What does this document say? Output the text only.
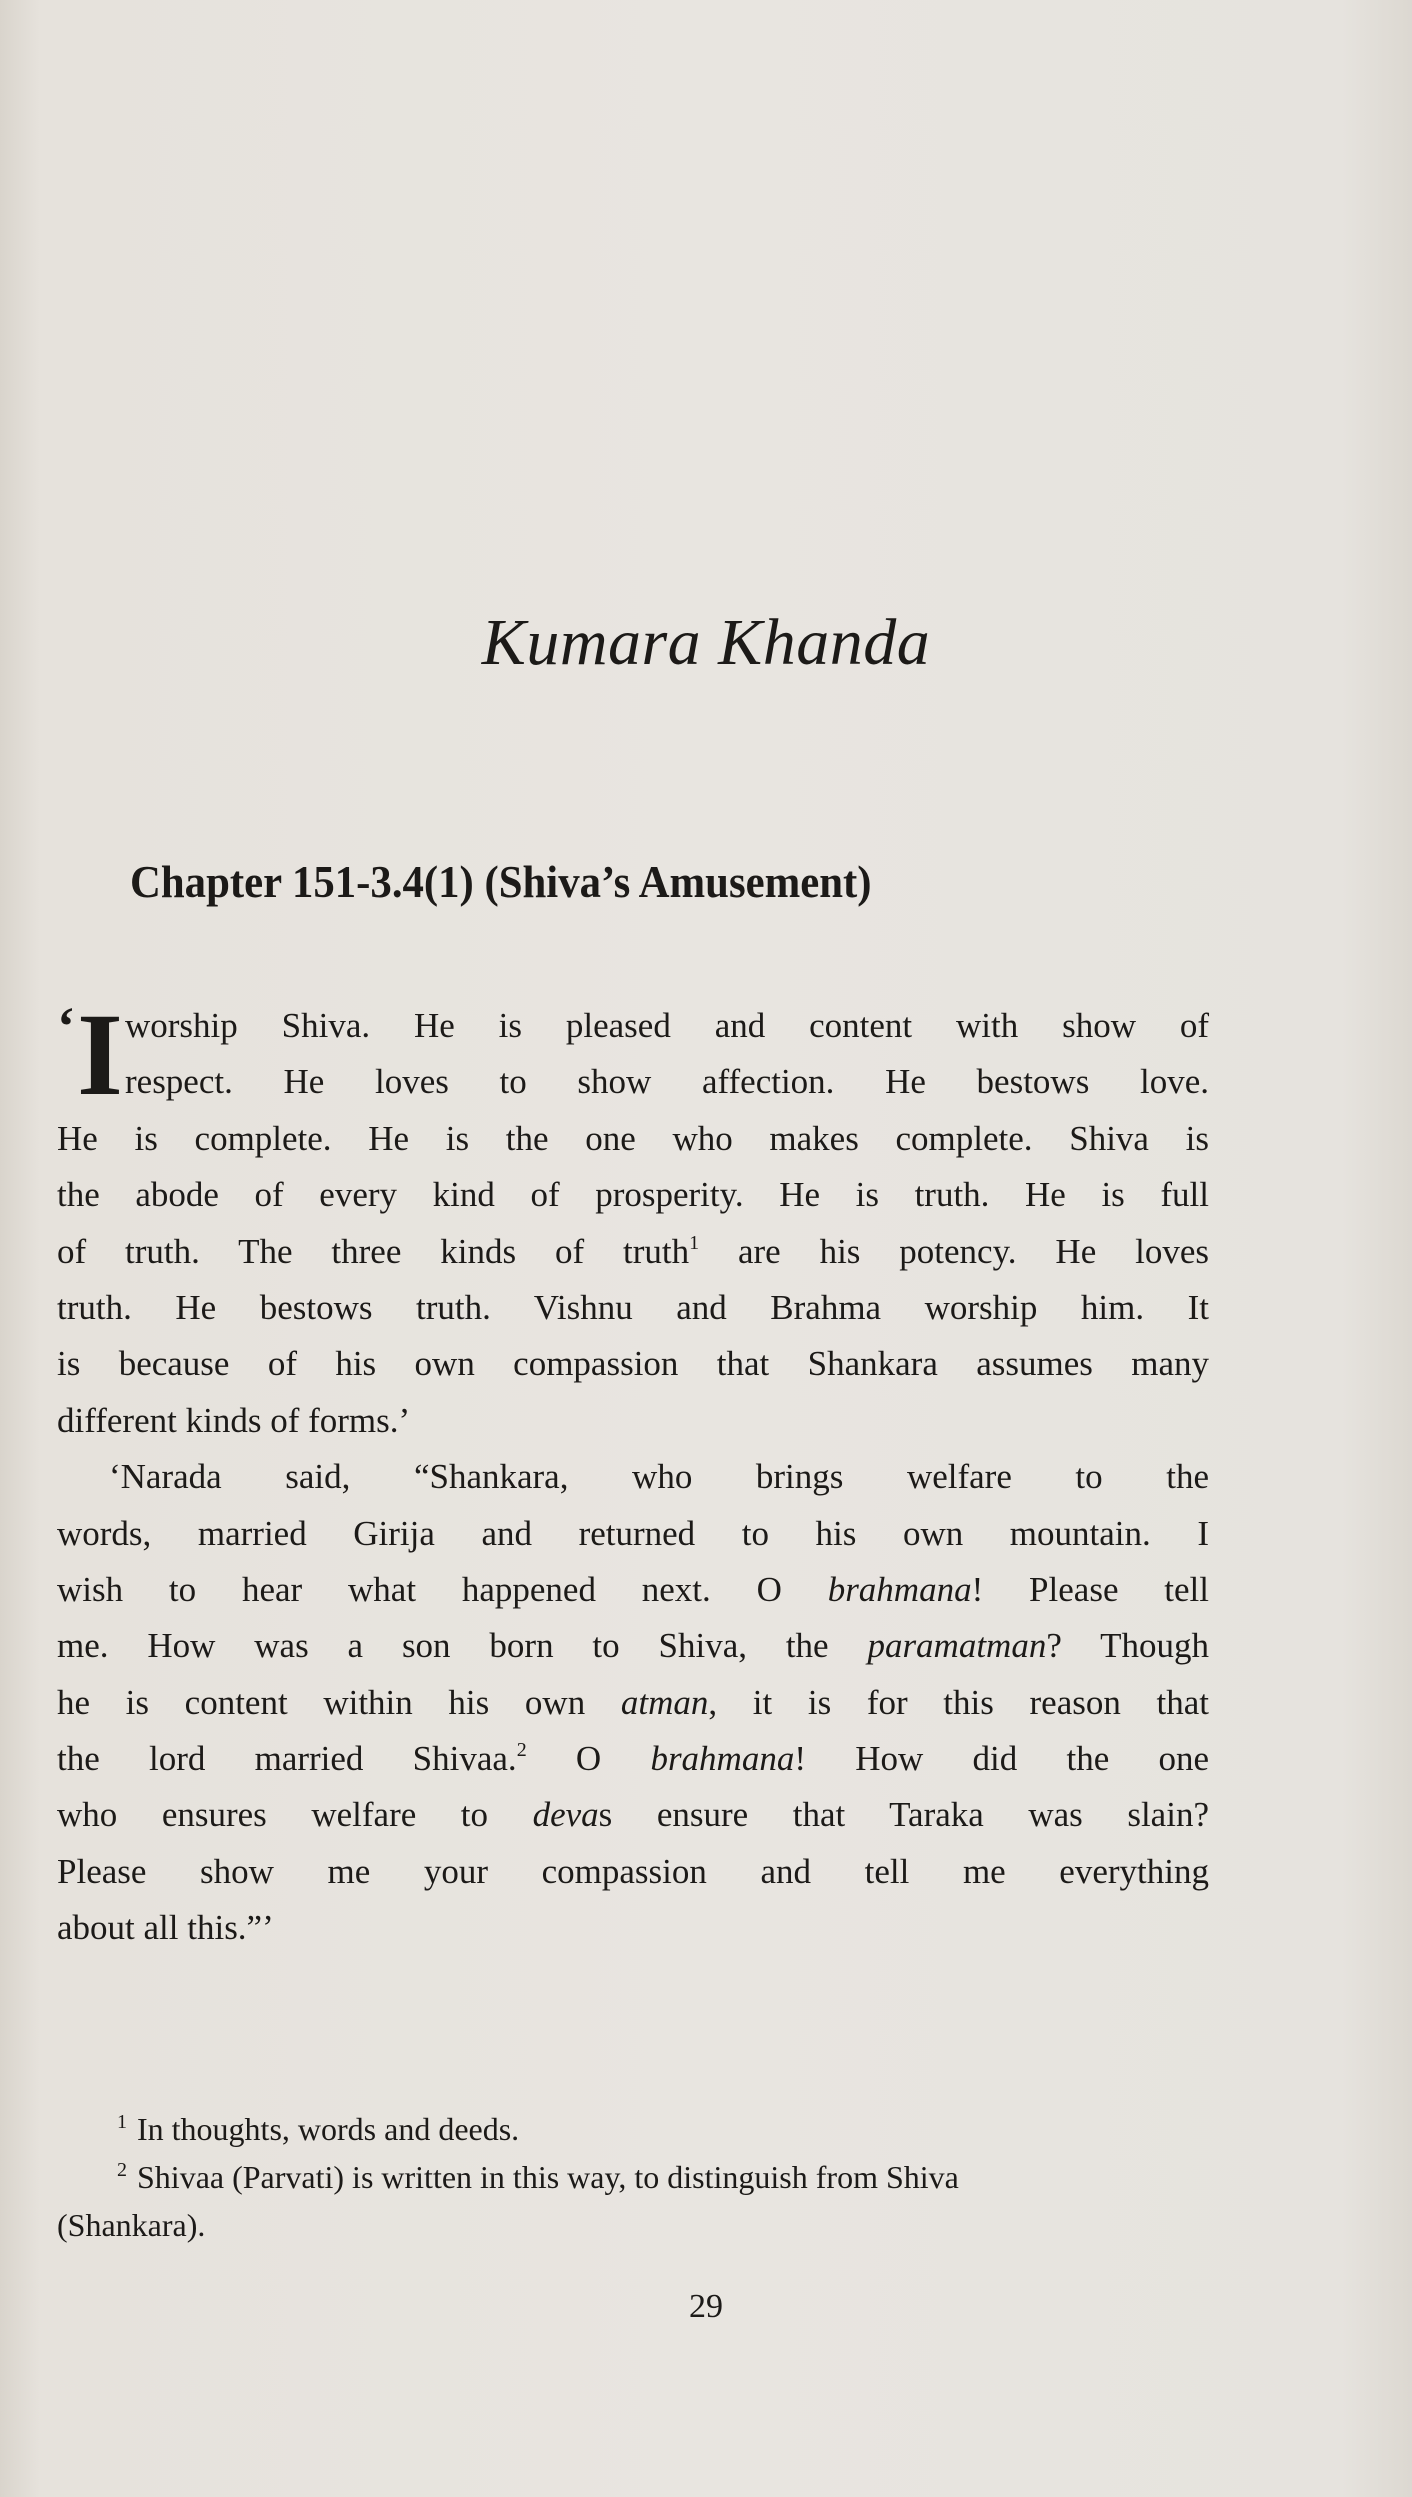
Kumara Khanda
Chapter 151-3.4(1) (Shiva’s Amusement)
‘ I worship Shiva. He is pleased and content with show of
respect. He loves to show affection. He bestows love.
He is complete. He is the one who makes complete. Shiva is
the abode of every kind of prosperity. He is truth. He is full
of truth. The three kinds of truth$^1$ are his potency. He loves
truth. He bestows truth. Vishnu and Brahma worship him. It
is because of his own compassion that Shankara assumes many
different kinds of forms.’
‘Narada said, “Shankara, who brings welfare to the
words, married Girija and returned to his own mountain. I
wish to hear what happened next. O brahmana! Please tell
me. How was a son born to Shiva, the paramatman? Though
he is content within his own atman, it is for this reason that
the lord married Shivaa.$^2$ O brahmana! How did the one
who ensures welfare to devas ensure that Taraka was slain?
Please show me your compassion and tell me everything
about all this.”’
$^1$ In thoughts, words and deeds.
$^2$ Shivaa (Parvati) is written in this way, to distinguish from Shiva
(Shankara).
29
